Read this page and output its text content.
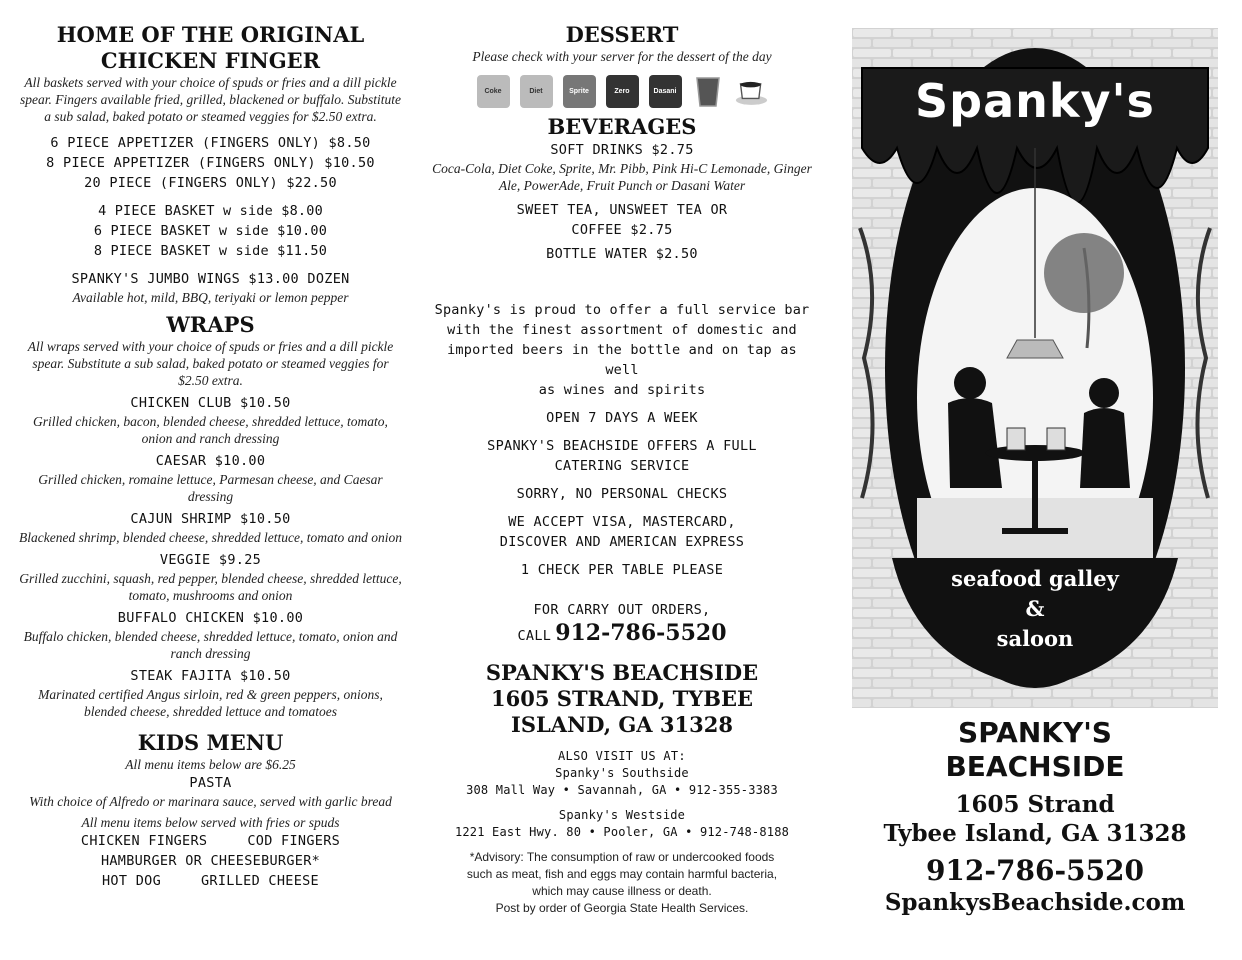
HOME OF THE ORIGINAL CHICKEN FINGER

All baskets served with your choice of spuds or fries and a dill pickle spear. Fingers available fried, grilled, blackened or buffalo. Substitute a sub salad, baked potato or steamed veggies for $2.50 extra.

6 PIECE APPETIZER (FINGERS ONLY) $8.50

8 PIECE APPETIZER (FINGERS ONLY) $10.50

20 PIECE (FINGERS ONLY) $22.50

4 PIECE BASKET w side $8.00

6 PIECE BASKET w side $10.00

8 PIECE BASKET w side $11.50

SPANKY'S JUMBO WINGS $13.00 DOZEN

Available hot, mild, BBQ, teriyaki or lemon pepper

WRAPS

All wraps served with your choice of spuds or fries and a dill pickle spear. Substitute a sub salad, baked potato or steamed veggies for $2.50 extra.

CHICKEN CLUB $10.50

Grilled chicken, bacon, blended cheese, shredded lettuce, tomato, onion and ranch dressing

CAESAR $10.00

Grilled chicken, romaine lettuce, Parmesan cheese, and Caesar dressing

CAJUN SHRIMP $10.50

Blackened shrimp, blended cheese, shredded lettuce, tomato and onion

VEGGIE $9.25

Grilled zucchini, squash, red pepper, blended cheese, shredded lettuce, tomato, mushrooms and onion

BUFFALO CHICKEN $10.00

Buffalo chicken, blended cheese, shredded lettuce, tomato, onion and ranch dressing

STEAK FAJITA $10.50

Marinated certified Angus sirloin, red & green peppers, onions, blended cheese, shredded lettuce and tomatoes

KIDS MENU

All menu items below are $6.25

PASTA

With choice of Alfredo or marinara sauce, served with garlic bread

All menu items below served with fries or spuds

CHICKEN FINGERS	COD FINGERS

HAMBURGER OR CHEESEBURGER*

HOT DOG	GRILLED CHEESE

DESSERT

Please check with your server for the dessert of the day

Coke	Diet	Sprite	Zero	Dasani

BEVERAGES

SOFT DRINKS $2.75

Coca-Cola, Diet Coke, Sprite, Mr. Pibb, Pink Hi-C Lemonade, Ginger Ale, PowerAde, Fruit Punch or Dasani Water

SWEET TEA, UNSWEET TEA OR

COFFEE $2.75

BOTTLE WATER $2.50

Spanky's is proud to offer a full service bar

with the finest assortment of domestic and

imported beers in the bottle and on tap as well

as wines and spirits

OPEN 7 DAYS A WEEK

SPANKY'S BEACHSIDE OFFERS A FULL

CATERING SERVICE

SORRY, NO PERSONAL CHECKS

WE ACCEPT VISA, MASTERCARD,

DISCOVER AND AMERICAN EXPRESS

1 CHECK PER TABLE PLEASE

FOR CARRY OUT ORDERS,

CALL 912-786-5520

SPANKY'S BEACHSIDE

1605 STRAND, TYBEE

ISLAND, GA 31328

ALSO VISIT US AT:

Spanky's Southside

308 Mall Way • Savannah, GA • 912-355-3383

Spanky's Westside

1221 East Hwy. 80 • Pooler, GA • 912-748-8188

*Advisory: The consumption of raw or undercooked foods

such as meat, fish and eggs may contain harmful bacteria,

which may cause illness or death.

Post by order of Georgia State Health Services.

Spanky's
seafood galley
&
saloon

SPANKY'S

BEACHSIDE

1605 Strand

Tybee Island, GA 31328

912-786-5520

SpankysBeachside.com
